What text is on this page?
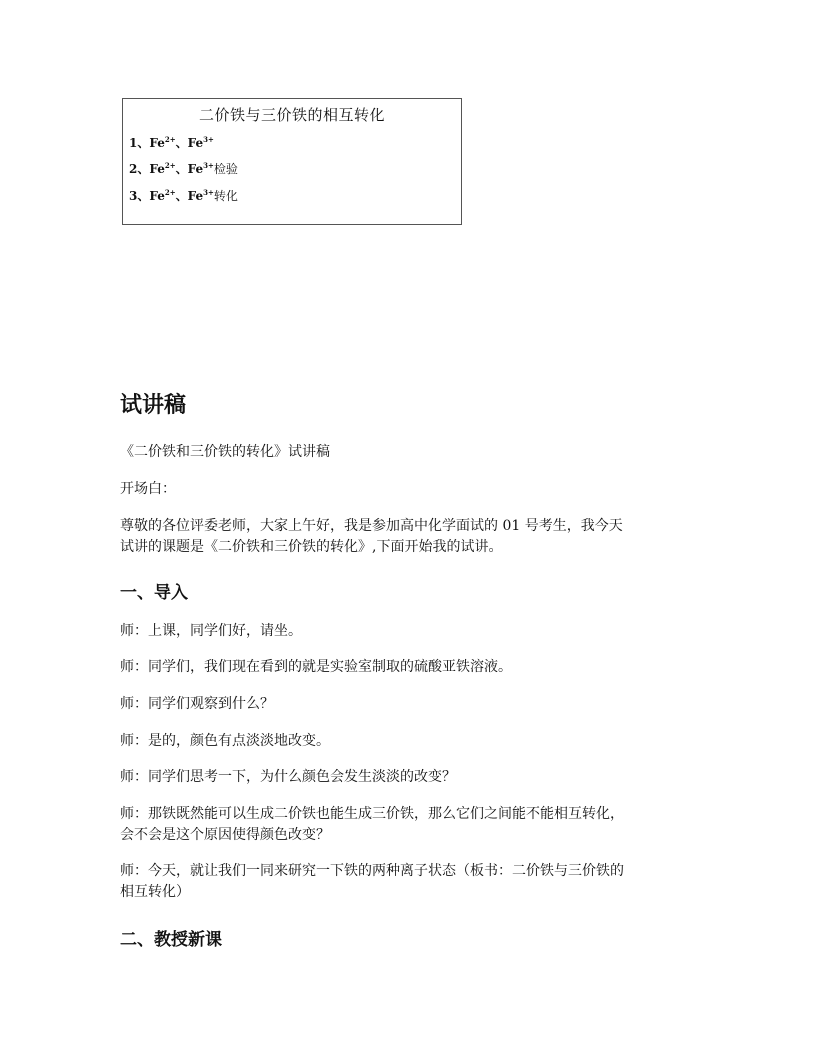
二价铁与三价铁的相互转化
1、$Fe^{2+}$、$Fe^{3+}$
2、$Fe^{2+}$、$Fe^{3+}$检验
3、$Fe^{2+}$、$Fe^{3+}$转化
试讲稿

《二价铁和三价铁的转化》试讲稿

开场白：

尊敬的各位评委老师，大家上午好，我是参加高中化学面试的 01 号考生，我今天
试讲的课题是《二价铁和三价铁的转化》,下面开始我的试讲。
一、导入

师：上课，同学们好，请坐。

师：同学们，我们现在看到的就是实验室制取的硫酸亚铁溶液。

师：同学们观察到什么？

师：是的，颜色有点淡淡地改变。

师：同学们思考一下，为什么颜色会发生淡淡的改变？

师：那铁既然能可以生成二价铁也能生成三价铁，那么它们之间能不能相互转化，
会不会是这个原因使得颜色改变？
师：今天，就让我们一同来研究一下铁的两种离子状态（板书：二价铁与三价铁的
相互转化）
二、教授新课
